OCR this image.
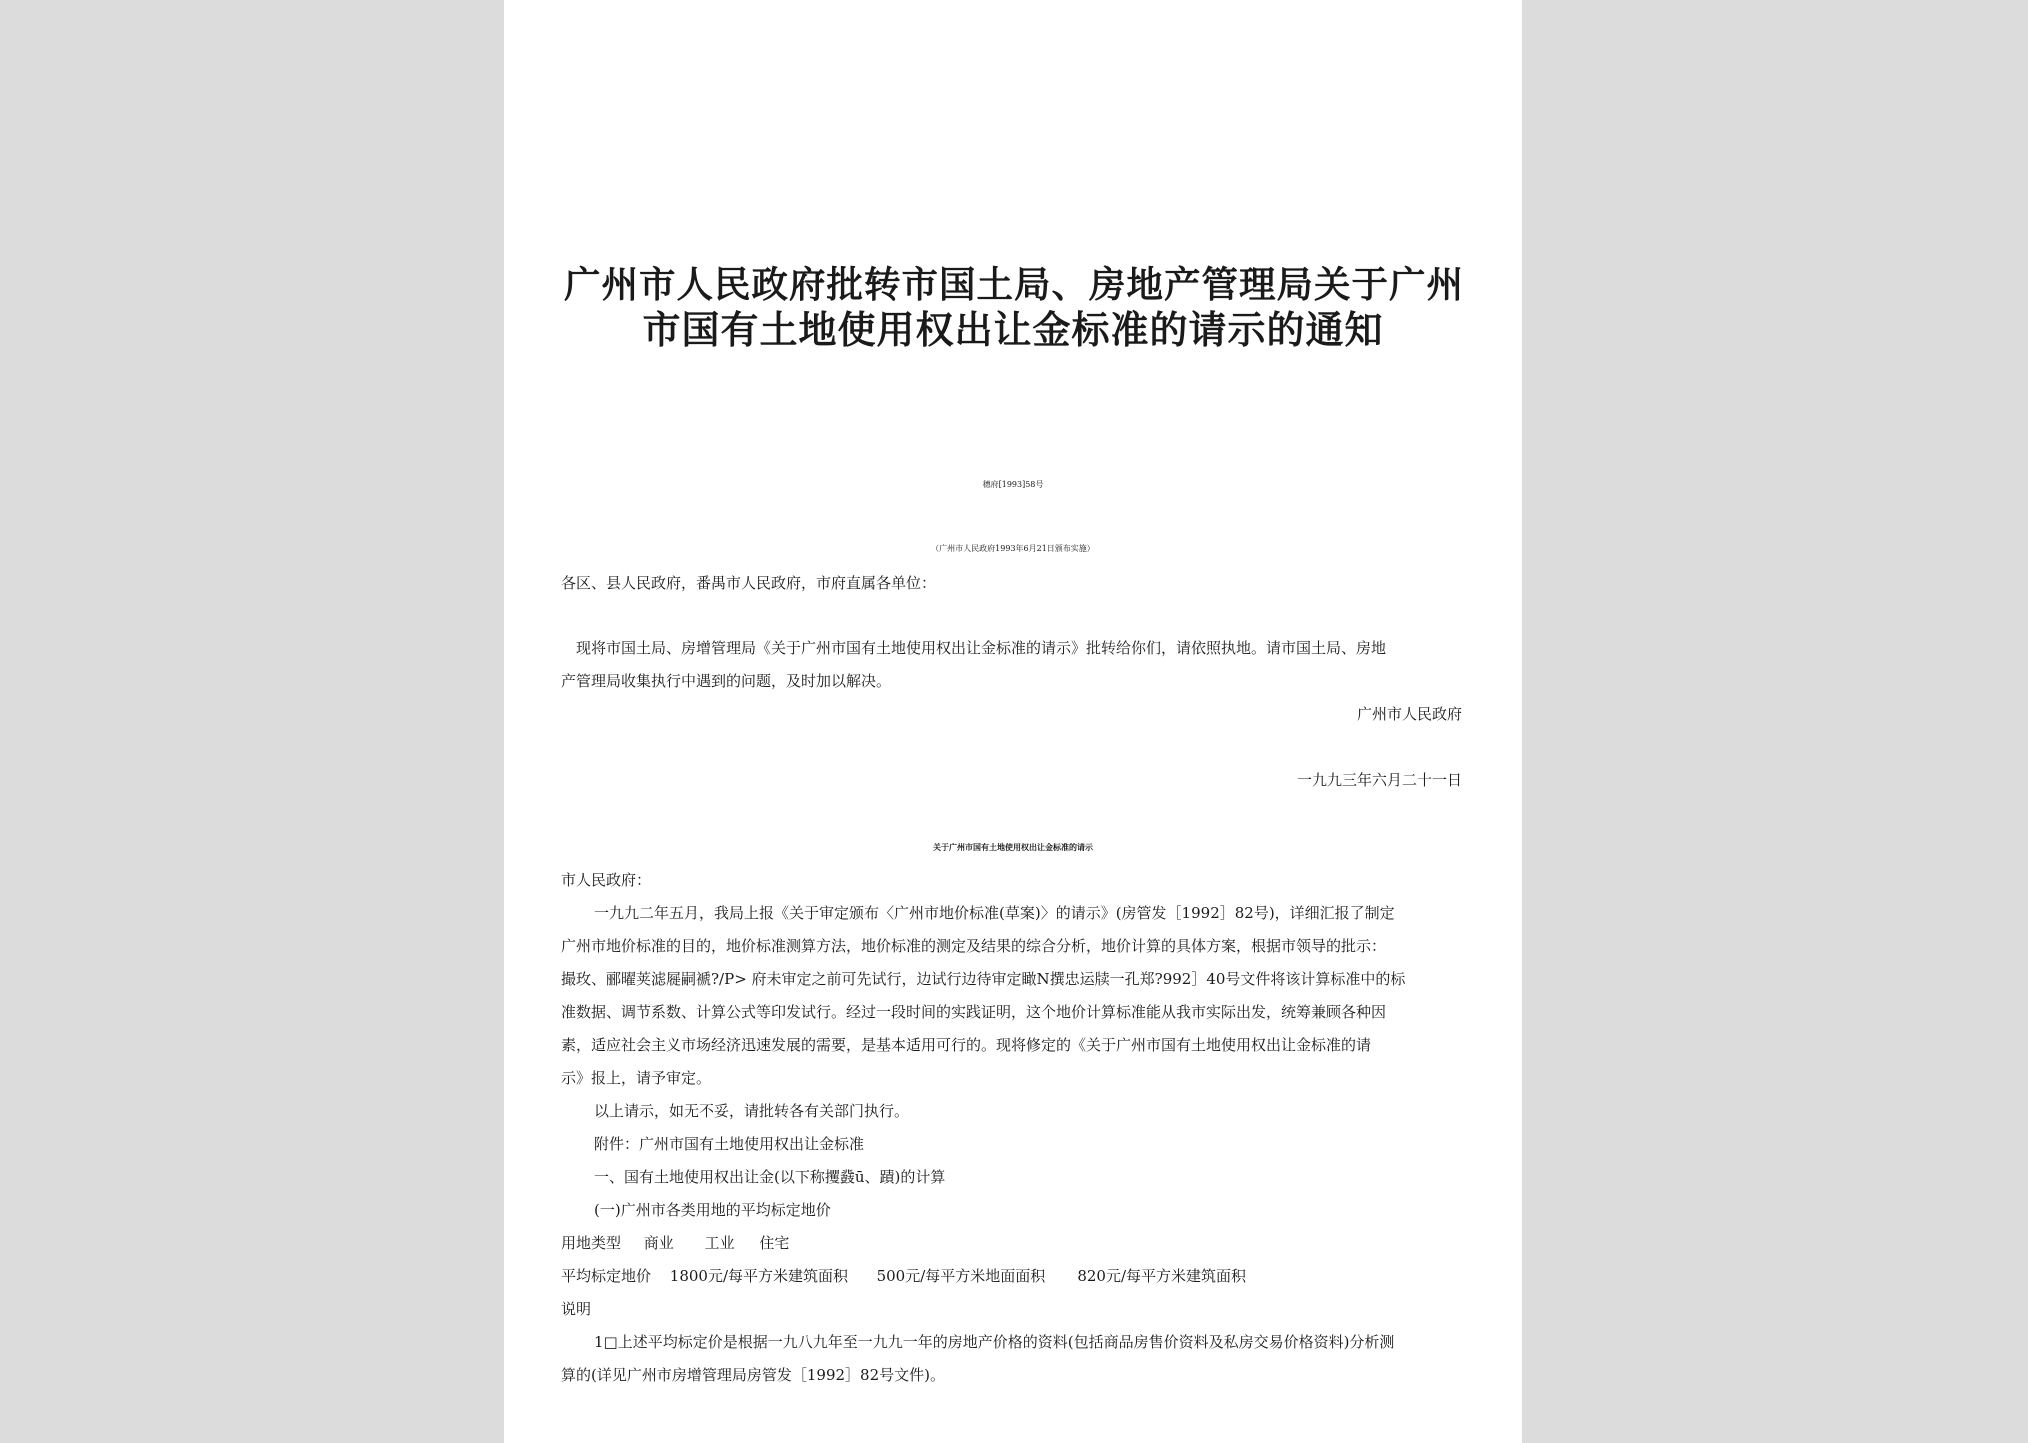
广州市人民政府批转市国土局、房地产管理局关于广州
市国有土地使用权出让金标准的请示的通知
穗府[1993]58号
（广州市人民政府1993年6月21日颁布实施）
各区、县人民政府，番禺市人民政府，市府直属各单位：
现将市国土局、房增管理局《关于广州市国有土地使用权出让金标准的请示》批转给你们，请依照执地。请市国土局、房地
产管理局收集执行中遇到的问题，及时加以解决。
广州市人民政府
一九九三年六月二十一日
关于广州市国有土地使用权出让金标准的请示
市人民政府：
一九九二年五月，我局上报《关于审定颁布〈广州市地价标准(草案)〉的请示》(房管发［1992］82号)，详细汇报了制定
广州市地价标准的目的，地价标准测算方法，地价标准的测定及结果的综合分析，地价计算的具体方案，根据市领导的批示：
撮玫、郦曜荚滤屣嗣褫?/P> 府未审定之前可先试行，边试行边待审定瞰N撰忠运牍一孔郑?992］40号文件将该计算标准中的标
准数据、调节系数、计算公式等印发试行。经过一段时间的实践证明，这个地价计算标准能从我市实际出发，统筹兼顾各种因
素，适应社会主义市场经济迅速发展的需要，是基本适用可行的。现将修定的《关于广州市国有土地使用权出让金标准的请
示》报上，请予审定。
以上请示，如无不妥，请批转各有关部门执行。
附件：广州市国有土地使用权出让金标准
一、国有土地使用权出让金(以下称攫鼗ū、蹟)的计算
(一)广州市各类用地的平均标定地价
用地类型 商业 工业 住宅
平均标定地价 1800元/每平方米建筑面积 500元/每平方米地面面积 820元/每平方米建筑面积
说明
1□上述平均标定价是根据一九八九年至一九九一年的房地产价格的资料(包括商品房售价资料及私房交易价格资料)分析测
算的(详见广州市房增管理局房管发［1992］82号文件)。
